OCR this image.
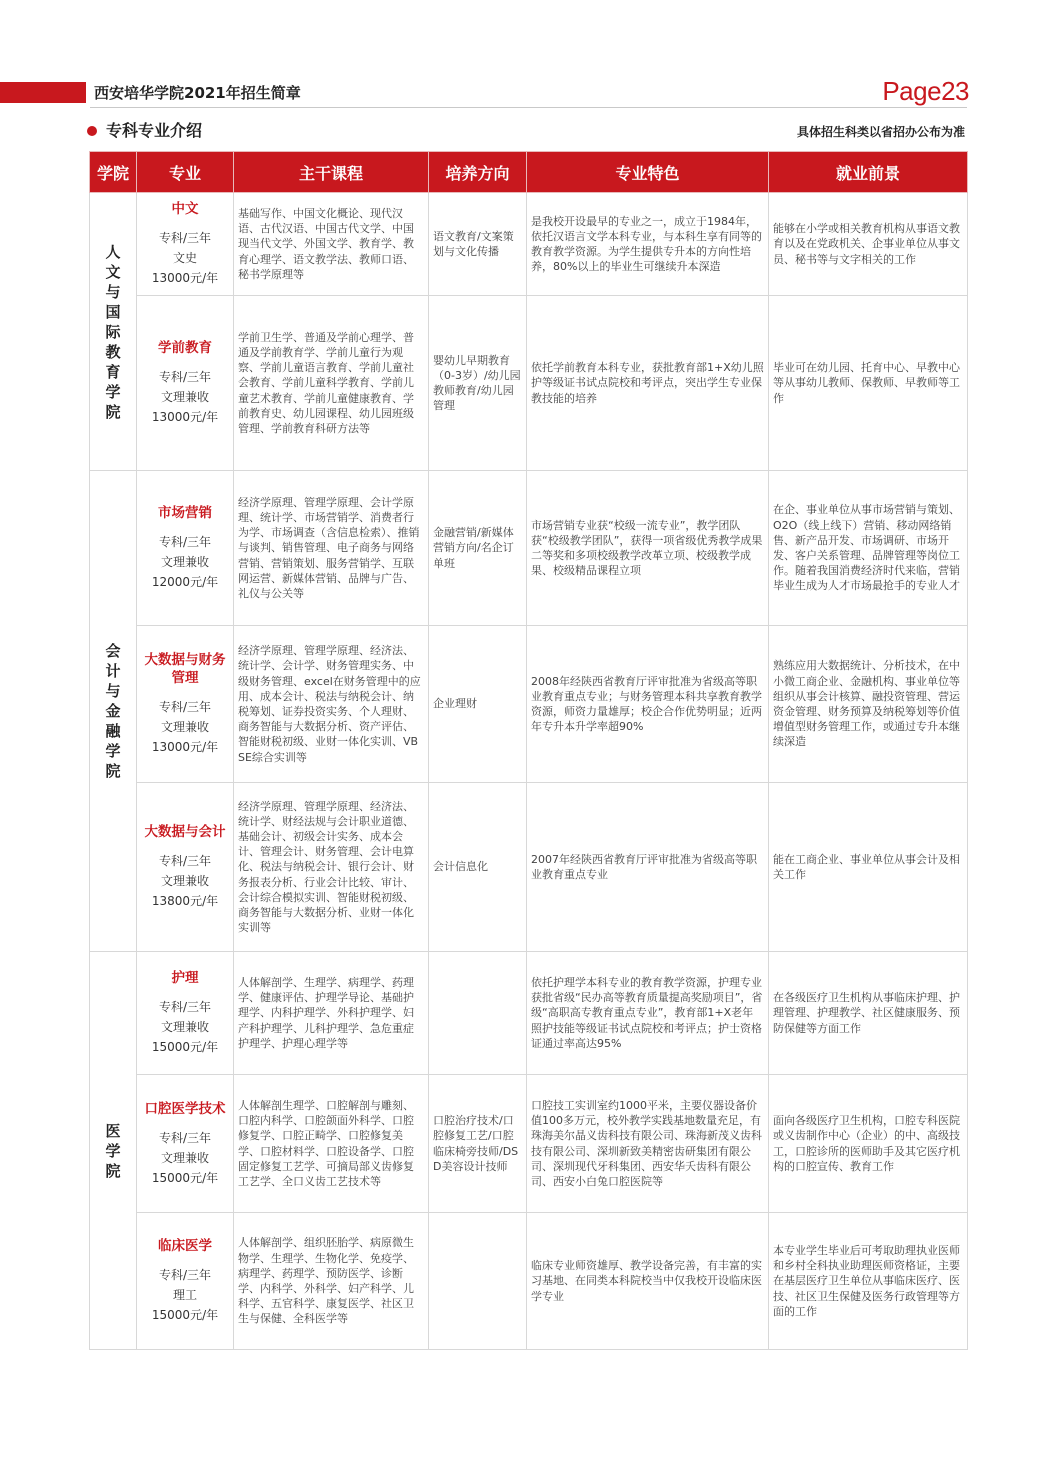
西安培华学院2021年招生简章	Page23
专科专业介绍	具体招生科类以省招办公布为准
学院	专业	主干课程	培养方向	专业特色	就业前景
人文与国际教育学院	中文
专科/三年
文史
13000元/年	基础写作、中国文化概论、现代汉语、古代汉语、中国古代文学、中国现当代文学、外国文学、教育学、教育心理学、语文教学法、教师口语、秘书学原理等	语文教育/文案策划与文化传播	是我校开设最早的专业之一，成立于1984年，依托汉语言文学本科专业，与本科生享有同等的教育教学资源。为学生提供专升本的方向性培养，80%以上的毕业生可继续升本深造	能够在小学或相关教育机构从事语文教育以及在党政机关、企事业单位从事文员、秘书等与文字相关的工作

	学前教育
专科/三年
文理兼收
13000元/年	学前卫生学、普通及学前心理学、普通及学前教育学、学前儿童行为观察、学前儿童语言教育、学前儿童社会教育、学前儿童科学教育、学前儿童艺术教育、学前儿童健康教育、学前教育史、幼儿园课程、幼儿园班级管理、学前教育科研方法等	婴幼儿早期教育（0-3岁）/幼儿园教师教育/幼儿园管理	依托学前教育本科专业，获批教育部1+X幼儿照护等级证书试点院校和考评点，突出学生专业保教技能的培养	毕业可在幼儿园、托育中心、早教中心等从事幼儿教师、保教师、早教师等工作
会计与金融学院	市场营销
专科/三年
文理兼收
12000元/年	经济学原理、管理学原理、会计学原理、统计学、市场营销学、消费者行为学、市场调查（含信息检索）、推销与谈判、销售管理、电子商务与网络营销、营销策划、服务营销学、互联网运营、新媒体营销、品牌与广告、礼仪与公关等	金融营销/新媒体营销方向/名企订单班	市场营销专业获“校级一流专业”，教学团队获“校级教学团队”，获得一项省级优秀教学成果二等奖和多项校级教学改革立项、校级教学成果、校级精品课程立项	在企、事业单位从事市场营销与策划、O2O（线上线下）营销、移动网络销售、新产品开发、市场调研、市场开发、客户关系管理、品牌管理等岗位工作。随着我国消费经济时代来临，营销毕业生成为人才市场最抢手的专业人才

	大数据与财务管理
专科/三年
文理兼收
13000元/年	经济学原理、管理学原理、经济法、统计学、会计学、财务管理实务、中级财务管理、excel在财务管理中的应用、成本会计、税法与纳税会计、纳税筹划、证券投资实务、个人理财、商务智能与大数据分析、资产评估、智能财税初级、业财一体化实训、VBSE综合实训等	企业理财	2008年经陕西省教育厅评审批准为省级高等职业教育重点专业；与财务管理本科共享教育教学资源，师资力量雄厚；校企合作优势明显；近两年专升本升学率超90%	熟练应用大数据统计、分析技术，在中小微工商企业、金融机构、事业单位等组织从事会计核算、融投资管理、营运资金管理、财务预算及纳税筹划等价值增值型财务管理工作，或通过专升本继续深造

	大数据与会计
专科/三年
文理兼收
13800元/年	经济学原理、管理学原理、经济法、统计学、财经法规与会计职业道德、基础会计、初级会计实务、成本会计、管理会计、财务管理、会计电算化、税法与纳税会计、银行会计、财务报表分析、行业会计比较、审计、会计综合模拟实训、智能财税初级、商务智能与大数据分析、业财一体化实训等	会计信息化	2007年经陕西省教育厅评审批准为省级高等职业教育重点专业	能在工商企业、事业单位从事会计及相关工作
医学院	护理
专科/三年
文理兼收
15000元/年	人体解剖学、生理学、病理学、药理学、健康评估、护理学导论、基础护理学、内科护理学、外科护理学、妇产科护理学、儿科护理学、急危重症护理学、护理心理学等		依托护理学本科专业的教育教学资源，护理专业获批省级“民办高等教育质量提高奖励项目”，省级“高职高专教育重点专业”，教育部1+X老年照护技能等级证书试点院校和考评点；护士资格证通过率高达95%	在各级医疗卫生机构从事临床护理、护理管理、护理教学、社区健康服务、预防保健等方面工作

	口腔医学技术
专科/三年
文理兼收
15000元/年	人体解剖生理学、口腔解剖与雕刻、口腔内科学、口腔颌面外科学、口腔修复学、口腔正畸学、口腔修复美学、口腔材料学、口腔设备学、口腔固定修复工艺学、可摘局部义齿修复工艺学、全口义齿工艺技术等	口腔治疗技术/口腔修复工艺/口腔临床椅旁技师/DSD美容设计技师	口腔技工实训室约1000平米，主要仪器设备价值100多万元，校外教学实践基地数量充足，有珠海美尔晶义齿科技有限公司、珠海新茂义齿科技有限公司、深圳新致美精密齿研集团有限公司、深圳现代牙科集团、西安华夭齿科有限公司、西安小白兔口腔医院等	面向各级医疗卫生机构，口腔专科医院或义齿制作中心（企业）的中、高级技工，口腔诊所的医师助手及其它医疗机构的口腔宣传、教育工作

	临床医学
专科/三年
理工
15000元/年	人体解剖学、组织胚胎学、病原微生物学、生理学、生物化学、免疫学、病理学、药理学、预防医学、诊断学、内科学、外科学、妇产科学、儿科学、五官科学、康复医学、社区卫生与保健、全科医学等		临床专业师资雄厚、教学设备完善，有丰富的实习基地、在同类本科院校当中仅我校开设临床医学专业	本专业学生毕业后可考取助理执业医师和乡村全科执业助理医师资格证，主要在基层医疗卫生单位从事临床医疗、医技、社区卫生保健及医务行政管理等方面的工作
